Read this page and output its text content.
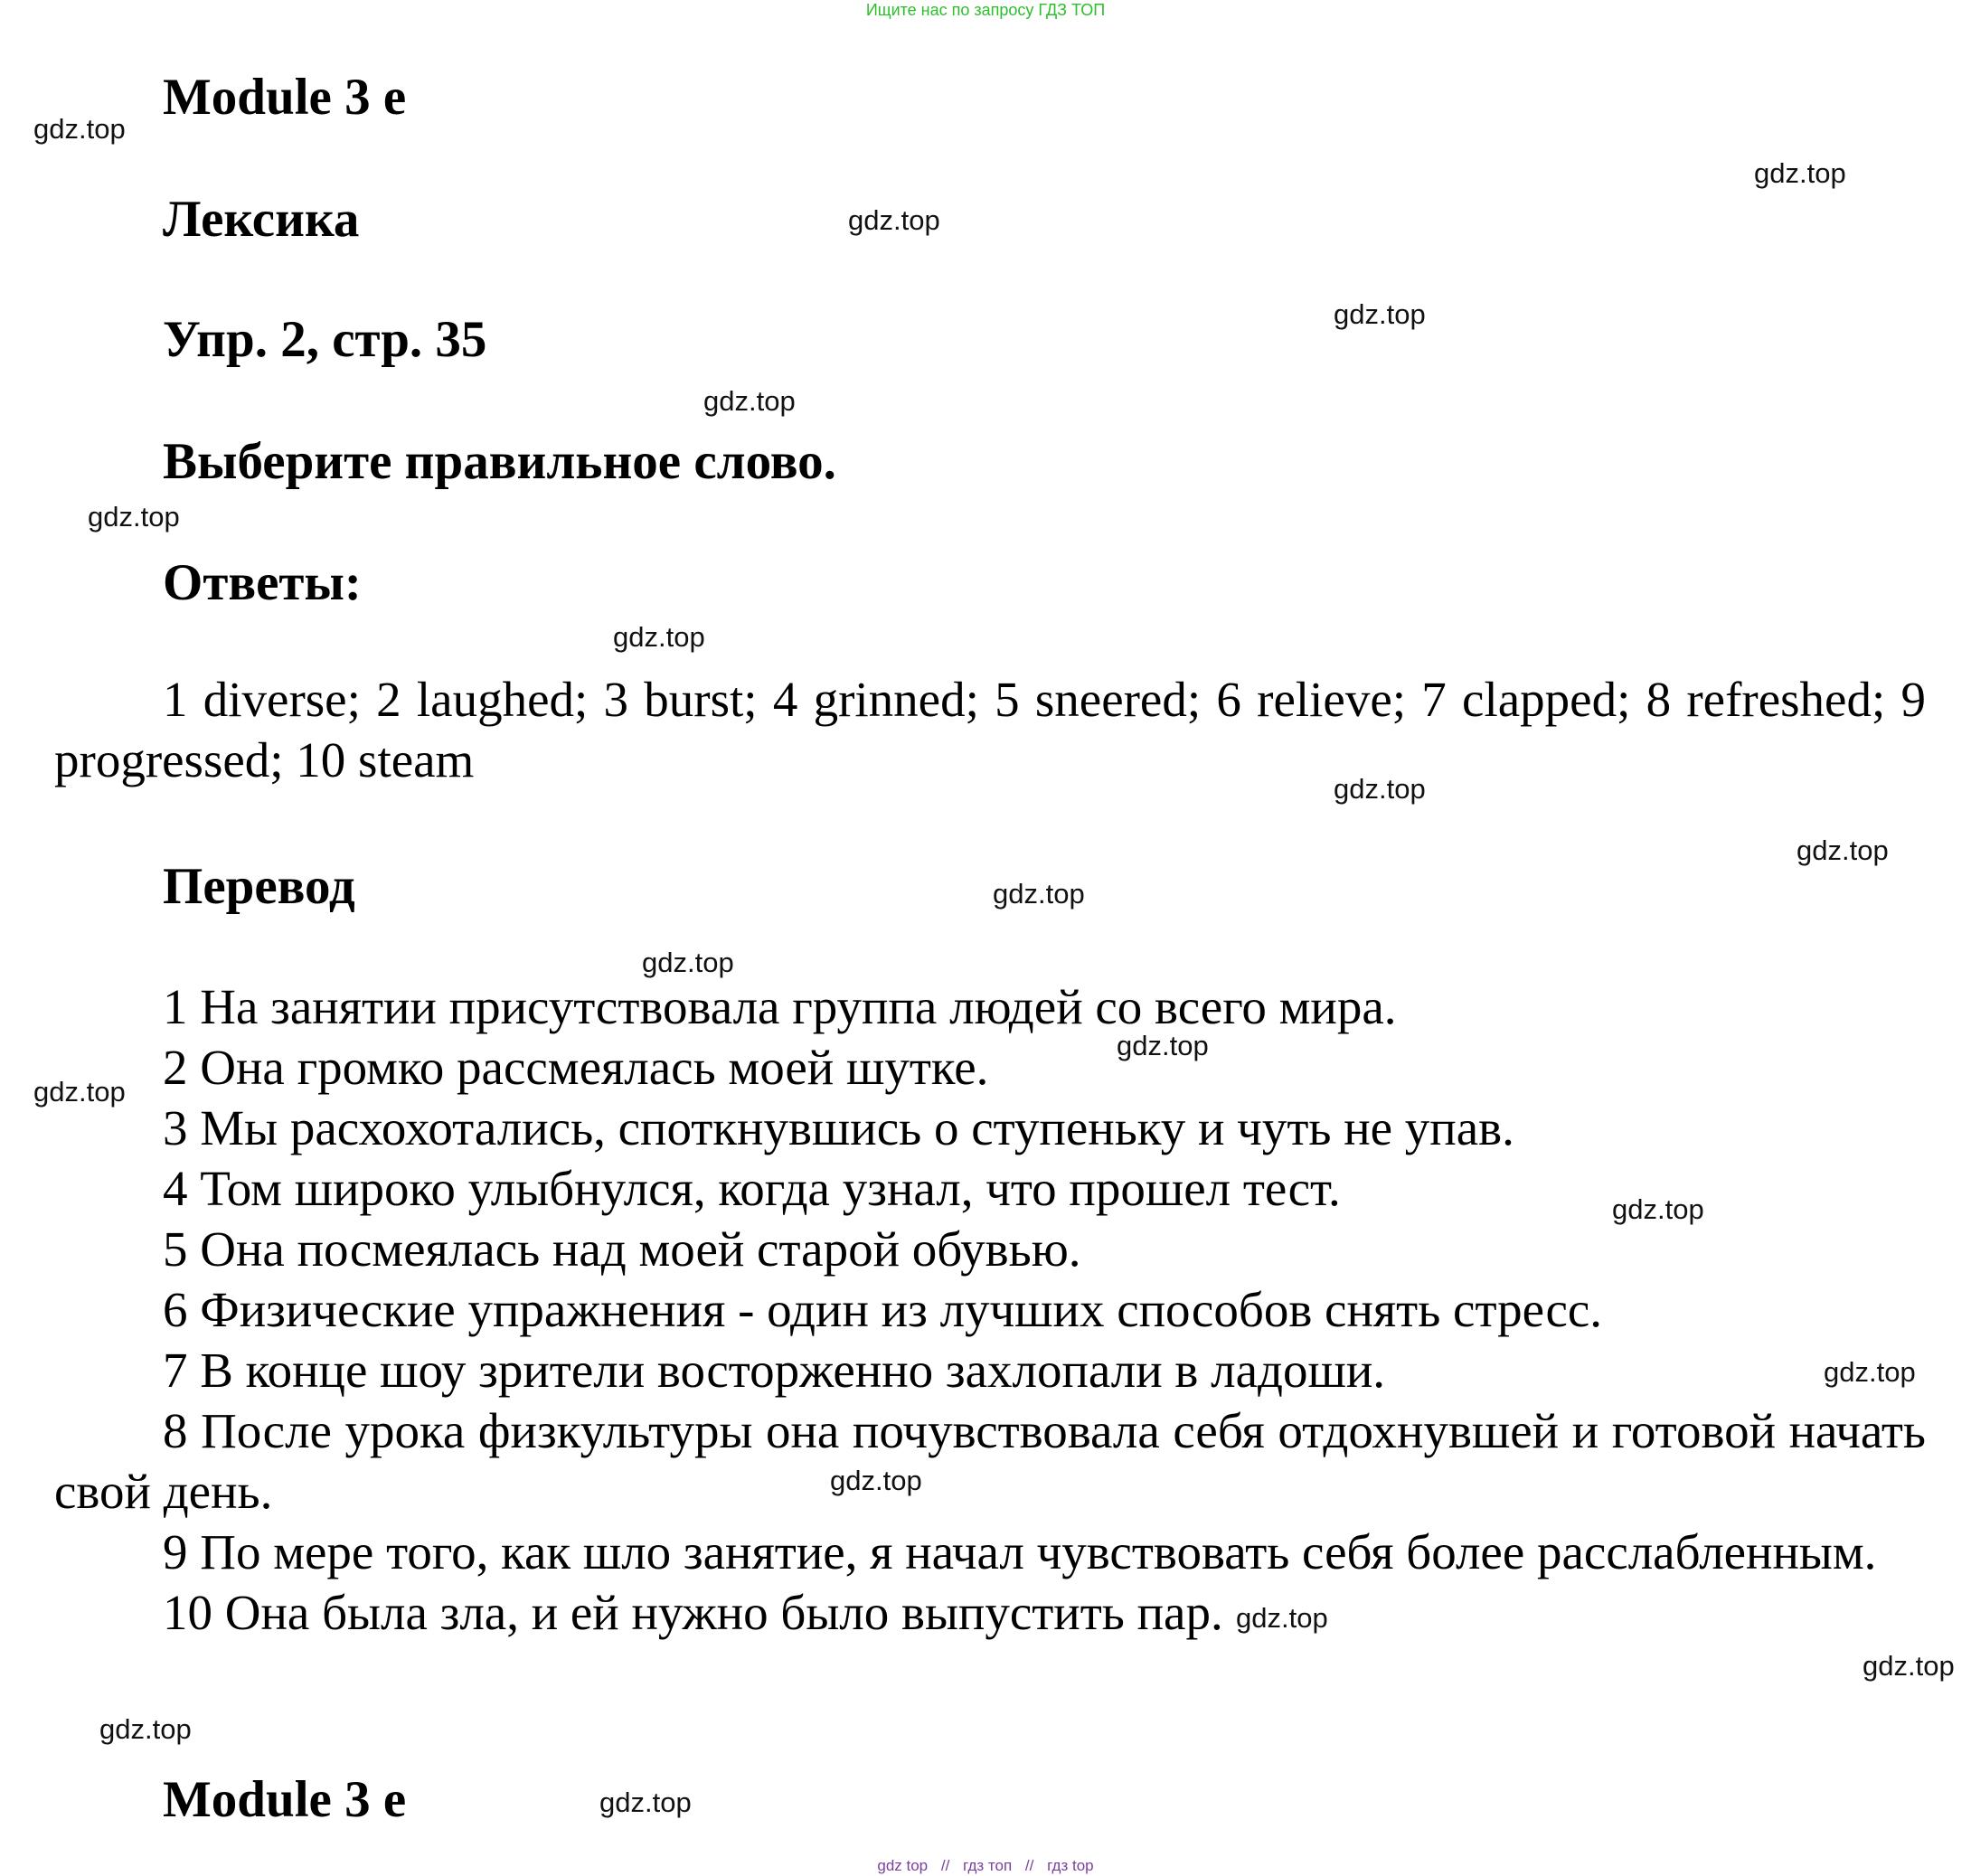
Ищите нас по запросу ГДЗ ТОП
gdz.top
gdz.top
gdz.top
gdz.top
gdz.top
gdz.top
gdz.top
gdz.top
gdz.top
gdz.top
gdz.top
gdz.top
gdz.top
gdz.top
gdz.top
gdz.top
gdz.top
gdz.top
gdz.top
gdz.top
Module 3 e
Лексика
Упр. 2, стр. 35
Выберите правильное слово.
Ответы:
1 diverse; 2 laughed; 3 burst; 4 grinned; 5 sneered; 6 relieve; 7 clapped; 8 refreshed; 9 progressed; 10 steam
Перевод

1 На занятии присутствовала группа людей со всего мира.

2 Она громко рассмеялась моей шутке.

3 Мы расхохотались, споткнувшись о ступеньку и чуть не упав.

4 Том широко улыбнулся, когда узнал, что прошел тест.

5 Она посмеялась над моей старой обувью.

6 Физические упражнения - один из лучших способов снять стресс.

7 В конце шоу зрители восторженно захлопали в ладоши.

8 После урока физкультуры она почувствовала себя отдохнувшей и готовой начать свой день.

9 По мере того, как шло занятие, я начал чувствовать себя более расслабленным.

10 Она была зла, и ей нужно было выпустить пар.

Module 3 e
gdz top // гдз топ // гдз top
